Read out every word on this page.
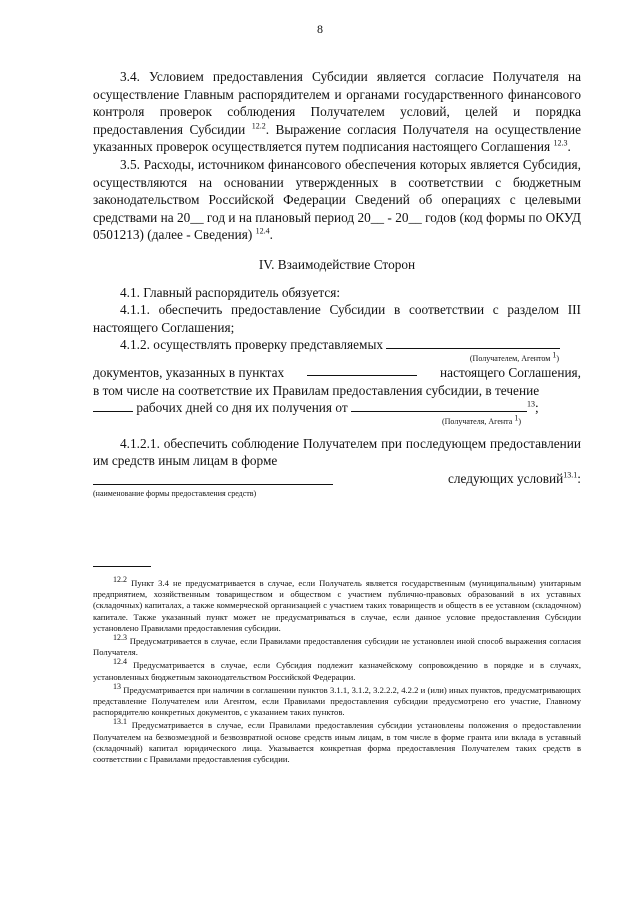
8

3.4. Условием предоставления Субсидии является согласие Получателя на осуществление Главным распорядителем и органами государственного финансового контроля проверок соблюдения Получателем условий, целей и порядка предоставления Субсидии $^{12.2}$. Выражение согласия Получателя на осуществление указанных проверок осуществляется путем подписания настоящего Соглашения $^{12.3}$.

3.5. Расходы, источником финансового обеспечения которых является Субсидия, осуществляются на основании утвержденных в соответствии с бюджетным законодательством Российской Федерации Сведений об операциях с целевыми средствами на 20__ год и на плановый период 20__ - 20__ годов (код формы по ОКУД 0501213) (далее - Сведения) $^{12.4}$.

IV. Взаимодействие Сторон

4.1. Главный распорядитель обязуется:

4.1.1. обеспечить предоставление Субсидии в соответствии с разделом III настоящего Соглашения;

4.1.2. осуществлять проверку представляемых

(Получателем, Агентом $^1$)

документов, указанных в пунктах	настоящего Соглашения,

в том числе на соответствие их Правилам предоставления субсидии, в течение

рабочих дней со дня их получения от	$^{13}$;

(Получателя, Агента $^1$)

4.1.2.1. обеспечить соблюдение Получателем при последующем предоставлении им средств иным лицам в форме

следующих условий$^{13.1}$:

(наименование формы предоставления средств)

$^{12.2}$ Пункт 3.4 не предусматривается в случае, если Получатель является государственным (муниципальным) унитарным предприятием, хозяйственным товариществом и обществом с участием публично-правовых образований в их уставных (складочных) капиталах, а также коммерческой организацией с участием таких товариществ и обществ в ее уставном (складочном) капитале. Также указанный пункт может не предусматриваться в случае, если данное условие предоставления Субсидии установлено Правилами предоставления субсидии.

$^{12.3}$ Предусматривается в случае, если Правилами предоставления субсидии не установлен иной способ выражения согласия Получателя.

$^{12.4}$ Предусматривается в случае, если Субсидия подлежит казначейскому сопровождению в порядке и в случаях, установленных бюджетным законодательством Российской Федерации.

$^{13}$ Предусматривается при наличии в соглашении пунктов 3.1.1, 3.1.2, 3.2.2.2, 4.2.2 и (или) иных пунктов, предусматривающих представление Получателем или Агентом, если Правилами предоставления субсидии предусмотрено его участие, Главному распорядителю конкретных документов, с указанием таких пунктов.

$^{13.1}$ Предусматривается в случае, если Правилами предоставления субсидии установлены положения о предоставлении Получателем на безвозмездной и безвозвратной основе средств иным лицам, в том числе в форме гранта или вклада в уставный (складочный) капитал юридического лица. Указывается конкретная форма предоставления Получателем таких средств в соответствии с Правилами предоставления субсидии.
